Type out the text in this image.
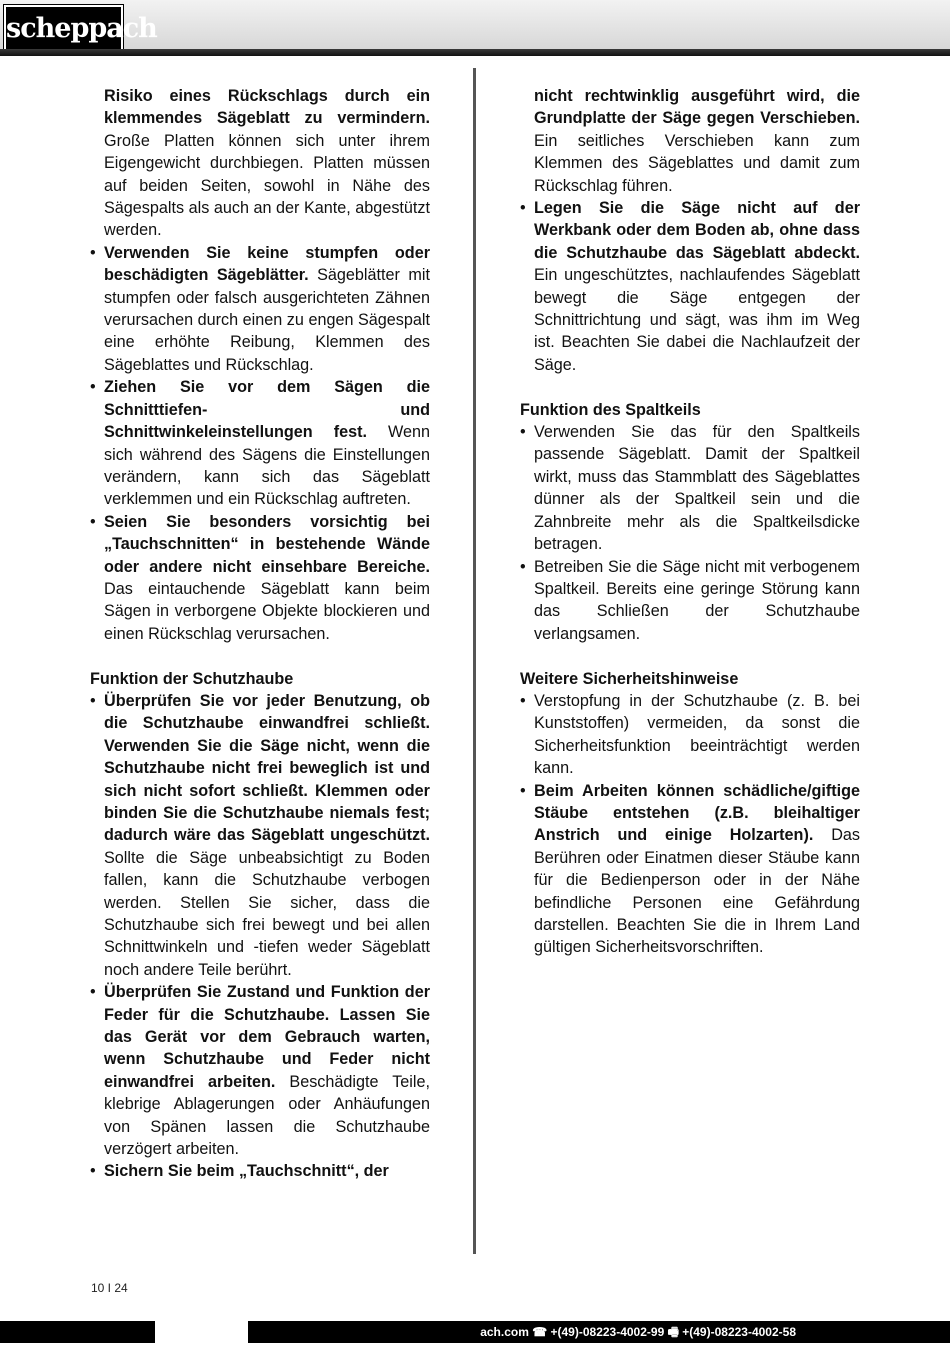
scheppach
Risiko eines Rückschlags durch ein klemmendes Sägeblatt zu vermindern. Große Platten können sich unter ihrem Eigengewicht durchbiegen. Platten müssen auf beiden Seiten, sowohl in Nähe des Sägespalts als auch an der Kante, abgestützt werden.
• Verwenden Sie keine stumpfen oder beschädigten Sägeblätter. Sägeblätter mit stumpfen oder falsch ausgerichteten Zähnen verursachen durch einen zu engen Sägespalt eine erhöhte Reibung, Klemmen des Sägeblattes und Rückschlag.
• Ziehen Sie vor dem Sägen die Schnitttiefen- und Schnittwinkeleinstellungen fest. Wenn sich während des Sägens die Einstellungen verändern, kann sich das Sägeblatt verklemmen und ein Rückschlag auftreten.
• Seien Sie besonders vorsichtig bei „Tauchschnitten“ in bestehende Wände oder andere nicht einsehbare Bereiche. Das eintauchende Sägeblatt kann beim Sägen in verborgene Objekte blockieren und einen Rückschlag verursachen.
Funktion der Schutzhaube
• Überprüfen Sie vor jeder Benutzung, ob die Schutzhaube einwandfrei schließt. Verwenden Sie die Säge nicht, wenn die Schutzhaube nicht frei beweglich ist und sich nicht sofort schließt. Klemmen oder binden Sie die Schutzhaube niemals fest; dadurch wäre das Sägeblatt ungeschützt. Sollte die Säge unbeabsichtigt zu Boden fallen, kann die Schutzhaube verbogen werden. Stellen Sie sicher, dass die Schutzhaube sich frei bewegt und bei allen Schnittwinkeln und -tiefen weder Sägeblatt noch andere Teile berührt.
• Überprüfen Sie Zustand und Funktion der Feder für die Schutzhaube. Lassen Sie das Gerät vor dem Gebrauch warten, wenn Schutzhaube und Feder nicht einwandfrei arbeiten. Beschädigte Teile, klebrige Ablagerungen oder Anhäufungen von Spänen lassen die Schutzhaube verzögert arbeiten.
• Sichern Sie beim „Tauchschnitt“, der
nicht rechtwinklig ausgeführt wird, die Grundplatte der Säge gegen Verschieben. Ein seitliches Verschieben kann zum Klemmen des Sägeblattes und damit zum Rückschlag führen.
• Legen Sie die Säge nicht auf der Werkbank oder dem Boden ab, ohne dass die Schutzhaube das Sägeblatt abdeckt. Ein ungeschütztes, nachlaufendes Sägeblatt bewegt die Säge entgegen der Schnittrichtung und sägt, was ihm im Weg ist. Beachten Sie dabei die Nachlaufzeit der Säge.
Funktion des Spaltkeils
• Verwenden Sie das für den Spaltkeils passende Sägeblatt. Damit der Spaltkeil wirkt, muss das Stammblatt des Sägeblattes dünner als der Spaltkeil sein und die Zahnbreite mehr als die Spaltkeilsdicke betragen.
• Betreiben Sie die Säge nicht mit verbogenem Spaltkeil. Bereits eine geringe Störung kann das Schließen der Schutzhaube verlangsamen.
Weitere Sicherheitshinweise
• Verstopfung in der Schutzhaube (z. B. bei Kunststoffen) vermeiden, da sonst die Sicherheitsfunktion beeinträchtigt werden kann.
• Beim Arbeiten können schädliche/giftige Stäube entstehen (z.B. bleihaltiger Anstrich und einige Holzarten). Das Berühren oder Einatmen dieser Stäube kann für die Bedienperson oder in der Nähe befindliche Personen eine Gefährdung darstellen. Beachten Sie die in Ihrem Land gültigen Sicherheitsvorschriften.
10 I 24
ach.com ☎ +(49)-08223-4002-99 🖷 +(49)-08223-4002-58
